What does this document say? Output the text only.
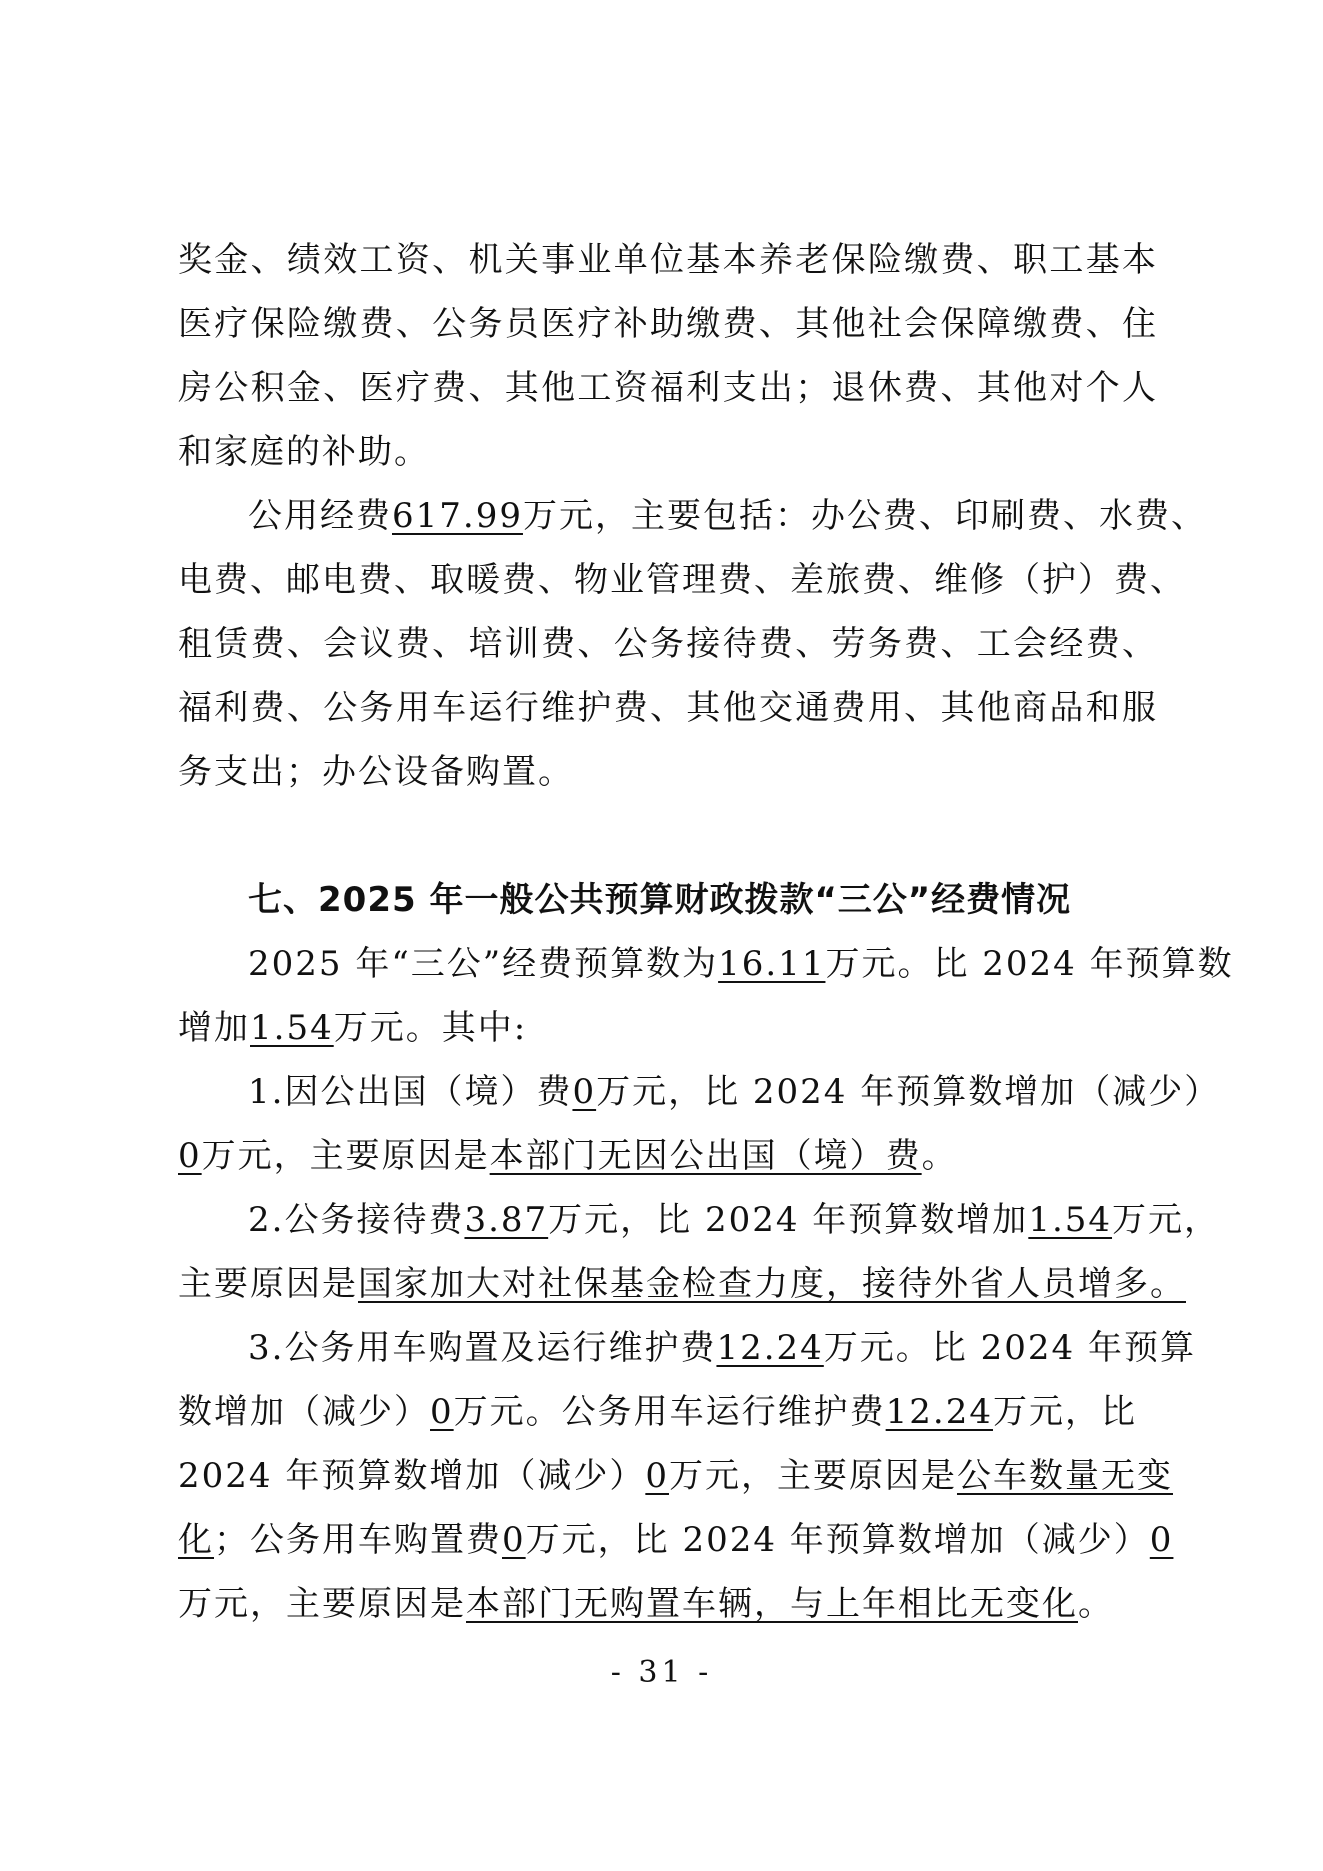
奖金、绩效工资、机关事业单位基本养老保险缴费、职工基本
医疗保险缴费、公务员医疗补助缴费、其他社会保障缴费、住
房公积金、医疗费、其他工资福利支出；退休费、其他对个人
和家庭的补助。
公用经费617.99万元，主要包括：办公费、印刷费、水费、
电费、邮电费、取暖费、物业管理费、差旅费、维修（护）费、
租赁费、会议费、培训费、公务接待费、劳务费、工会经费、
福利费、公务用车运行维护费、其他交通费用、其他商品和服
务支出；办公设备购置。
七、2025 年一般公共预算财政拨款“三公”经费情况
2025 年“三公”经费预算数为16.11万元。比 2024 年预算数
增加1.54万元。其中:
1.因公出国（境）费0万元，比 2024 年预算数增加（减少）
0万元，主要原因是本部门无因公出国（境）费。
2.公务接待费3.87万元，比 2024 年预算数增加1.54万元，
主要原因是国家加大对社保基金检查力度，接待外省人员增多。
3.公务用车购置及运行维护费12.24万元。比 2024 年预算
数增加（减少）0万元。公务用车运行维护费12.24万元，比
2024 年预算数增加（减少）0万元，主要原因是公车数量无变
化；公务用车购置费0万元，比 2024 年预算数增加（减少）0
万元，主要原因是本部门无购置车辆，与上年相比无变化。
- 31 -
